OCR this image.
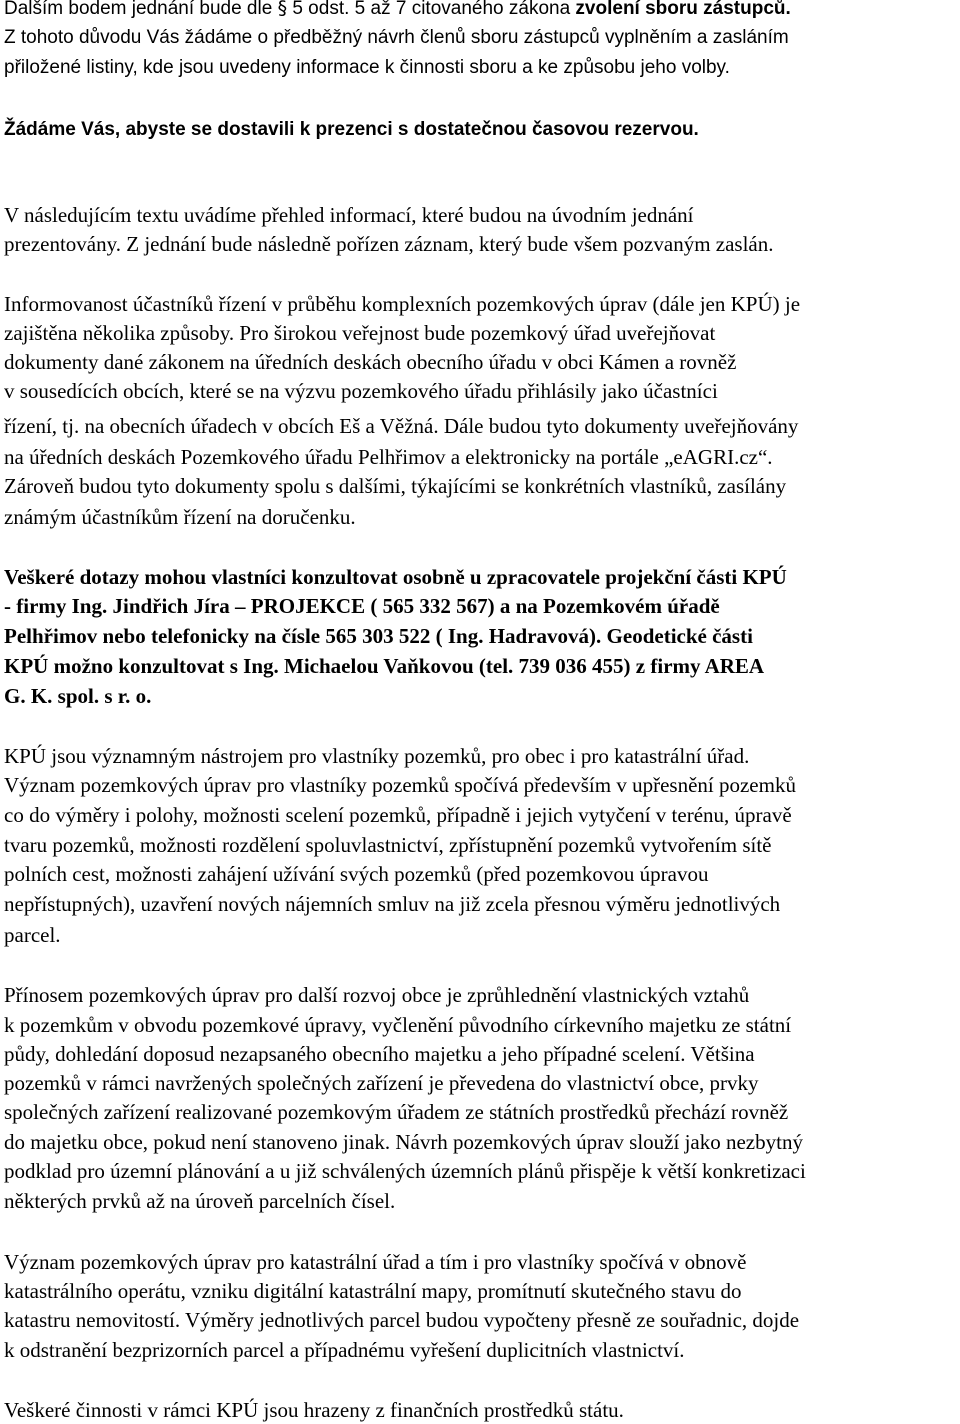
Dalším bodem jednání bude dle § 5 odst. 5 až 7 citovaného zákona zvolení sboru zástupců.
Z tohoto důvodu Vás žádáme o předběžný návrh členů sboru zástupců vyplněním a zasláním
přiložené listiny, kde jsou uvedeny informace k činnosti sboru a ke způsobu jeho volby.
Žádáme Vás, abyste se dostavili k prezenci s dostatečnou časovou rezervou.
V následujícím textu uvádíme přehled informací, které budou na úvodním jednání
prezentovány. Z jednání bude následně pořízen záznam, který bude všem pozvaným zaslán.
Informovanost účastníků řízení v průběhu komplexních pozemkových úprav (dále jen KPÚ) je
zajištěna několika způsoby. Pro širokou veřejnost bude pozemkový úřad uveřejňovat
dokumenty dané zákonem na úředních deskách obecního úřadu v obci Kámen a rovněž
v sousedících obcích, které se na výzvu pozemkového úřadu přihlásily jako účastníci
řízení, tj. na obecních úřadech v obcích Eš a Věžná. Dále budou tyto dokumenty uveřejňovány
na úředních deskách Pozemkového úřadu Pelhřimov a elektronicky na portále „eAGRI.cz“.
Zároveň budou tyto dokumenty spolu s dalšími, týkajícími se konkrétních vlastníků, zasílány
známým účastníkům řízení na doručenku.
Veškeré dotazy mohou vlastníci konzultovat osobně u zpracovatele projekční části KPÚ
- firmy Ing. Jindřich Jíra – PROJEKCE ( 565 332 567) a na Pozemkovém úřadě
Pelhřimov nebo telefonicky na čísle 565 303 522 ( Ing. Hadravová). Geodetické části
KPÚ možno konzultovat s Ing. Michaelou Vaňkovou (tel. 739 036 455) z firmy AREA
G. K. spol. s r. o.
KPÚ jsou významným nástrojem pro vlastníky pozemků, pro obec i pro katastrální úřad.
Význam pozemkových úprav pro vlastníky pozemků spočívá především v upřesnění pozemků
co do výměry i polohy, možnosti scelení pozemků, případně i jejich vytyčení v terénu, úpravě
tvaru pozemků, možnosti rozdělení spoluvlastnictví, zpřístupnění pozemků vytvořením sítě
polních cest, možnosti zahájení užívání svých pozemků (před pozemkovou úpravou
nepřístupných), uzavření nových nájemních smluv na již zcela přesnou výměru jednotlivých
parcel.
Přínosem pozemkových úprav pro další rozvoj obce je zprůhlednění vlastnických vztahů
k pozemkům v obvodu pozemkové úpravy, vyčlenění původního církevního majetku ze státní
půdy, dohledání doposud nezapsaného obecního majetku a jeho případné scelení. Většina
pozemků v rámci navržených společných zařízení je převedena do vlastnictví obce, prvky
společných zařízení realizované pozemkovým úřadem ze státních prostředků přechází rovněž
do majetku obce, pokud není stanoveno jinak. Návrh pozemkových úprav slouží jako nezbytný
podklad pro územní plánování a u již schválených územních plánů přispěje k větší konkretizaci
některých prvků až na úroveň parcelních čísel.
Význam pozemkových úprav pro katastrální úřad a tím i pro vlastníky spočívá v obnově
katastrálního operátu, vzniku digitální katastrální mapy, promítnutí skutečného stavu do
katastru nemovitostí. Výměry jednotlivých parcel budou vypočteny přesně ze souřadnic, dojde
k odstranění bezprizorních parcel a případnému vyřešení duplicitních vlastnictví.
Veškeré činnosti v rámci KPÚ jsou hrazeny z finančních prostředků státu.
